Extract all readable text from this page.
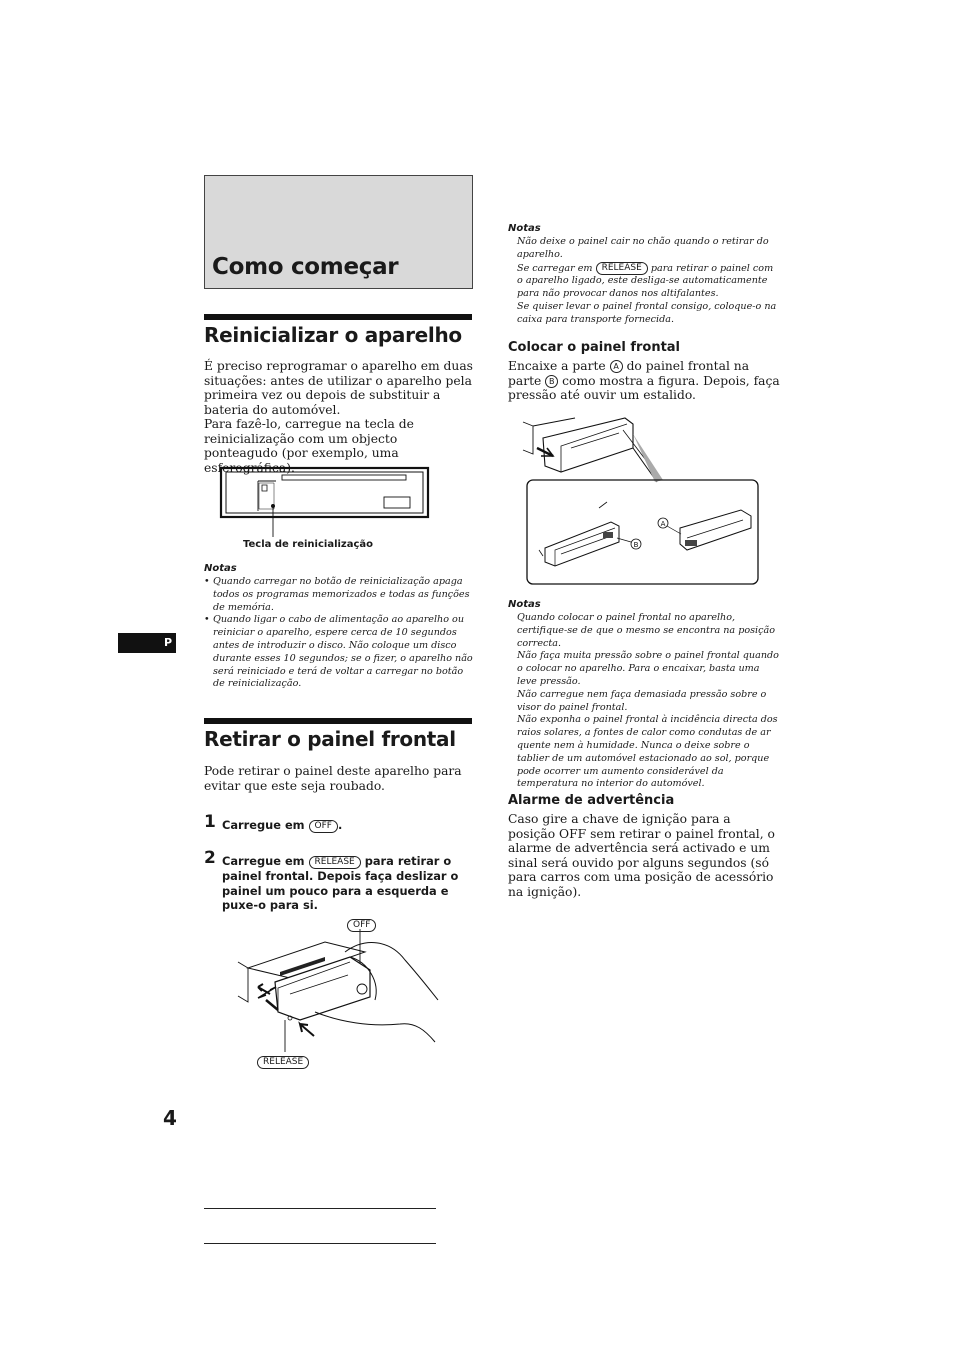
Como começar
Reinicializar o aparelho
É preciso reprogramar o aparelho em duas situações: antes de utilizar o aparelho pela primeira vez ou depois de substituir a bateria do automóvel.
Para fazê-lo, carregue na tecla de reinicialização com um objecto ponteagudo (por exemplo, uma esferográfica).
Tecla de reinicialização
Notas
• Quando carregar no botão de reinicialização apaga todos os programas memorizados e todas as funções de memória.
• Quando ligar o cabo de alimentação ao aparelho ou reiniciar o aparelho, espere cerca de 10 segundos antes de introduzir o disco. Não coloque um disco durante esses 10 segundos; se o fizer, o aparelho não será reiniciado e terá de voltar a carregar no botão de reinicialização.
P
Retirar o painel frontal
Pode retirar o painel deste aparelho para evitar que este seja roubado.
1 Carregue em OFF .
2 Carregue em RELEASE para retirar o painel frontal. Depois faça deslizar o painel um pouco para a esquerda e puxe-o para si.
OFF
RELEASE
4
Notas

Não deixe o painel cair no chão quando o retirar do aparelho.

Se carregar em RELEASE para retirar o painel com o aparelho ligado, este desliga-se automaticamente para não provocar danos nos altifalantes.

Se quiser levar o painel frontal consigo, coloque-o na caixa para transporte fornecida.

Colocar o painel frontal
Encaixe a parte A do painel frontal na parte B como mostra a figura. Depois, faça pressão até ouvir um estalido.
A
B
Notas

Quando colocar o painel frontal no aparelho, certifique-se de que o mesmo se encontra na posição correcta.

Não faça muita pressão sobre o painel frontal quando o colocar no aparelho. Para o encaixar, basta uma leve pressão.

Não carregue nem faça demasiada pressão sobre o visor do painel frontal.

Não exponha o painel frontal à incidência directa dos raios solares, a fontes de calor como condutas de ar quente nem à humidade. Nunca o deixe sobre o tablier de um automóvel estacionado ao sol, porque pode ocorrer um aumento considerável da temperatura no interior do automóvel.

Alarme de advertência
Caso gire a chave de ignição para a posição OFF sem retirar o painel frontal, o alarme de advertência será activado e um sinal será ouvido por alguns segundos (só para carros com uma posição de acessório na ignição).
